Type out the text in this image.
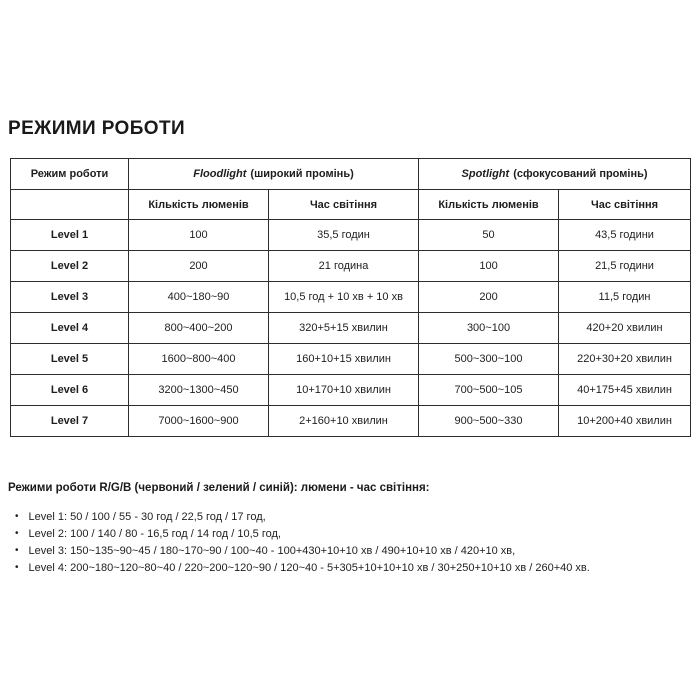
РЕЖИМИ РОБОТИ
Режим роботи	Floodlight (широкий промінь)		Spotlight (сфокусований промінь)	
	Кількість люменів	Час світіння	Кількість люменів	Час світіння
Level 1	100	35,5 годин	50	43,5 години
Level 2	200	21 година	100	21,5 години
Level 3	400~180~90	10,5 год + 10 хв + 10 хв	200	11,5 годин
Level 4	800~400~200	320+5+15 хвилин	300~100	420+20 хвилин
Level 5	1600~800~400	160+10+15 хвилин	500~300~100	220+30+20 хвилин
Level 6	3200~1300~450	10+170+10 хвилин	700~500~105	40+175+45 хвилин
Level 7	7000~1600~900	2+160+10 хвилин	900~500~330	10+200+40 хвилин
Режими роботи R/G/B (червоний / зелений / синій): люмени - час світіння:
• Level 1: 50 / 100 / 55 - 30 год / 22,5 год / 17 год,
• Level 2: 100 / 140 / 80 - 16,5 год / 14 год / 10,5 год,
• Level 3: 150~135~90~45 / 180~170~90 / 100~40 - 100+430+10+10 хв / 490+10+10 хв / 420+10 хв,
• Level 4: 200~180~120~80~40 / 220~200~120~90 / 120~40 - 5+305+10+10+10 хв / 30+250+10+10 хв / 260+40 хв.
